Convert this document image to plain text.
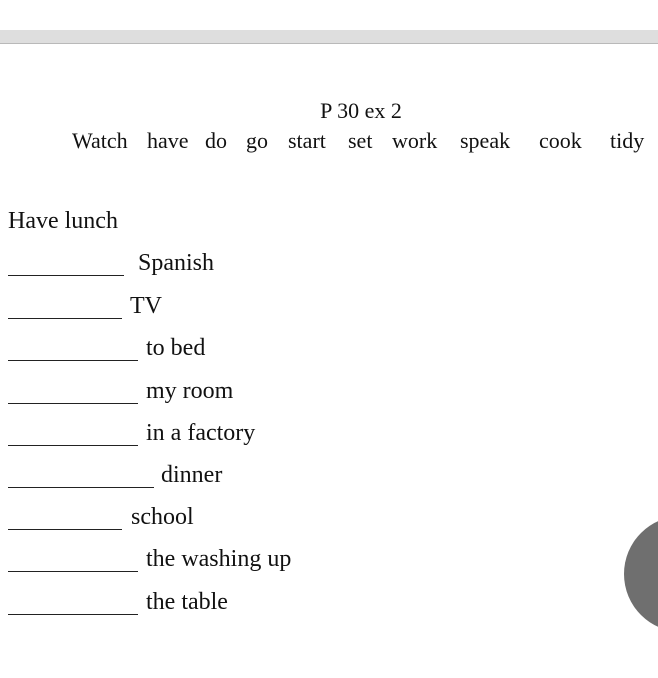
P 30 ex 2
Watch have do go start set work speak cook tidy
Have lunch
Spanish
TV
to bed
my room
in a factory
dinner
school
the washing up
the table
